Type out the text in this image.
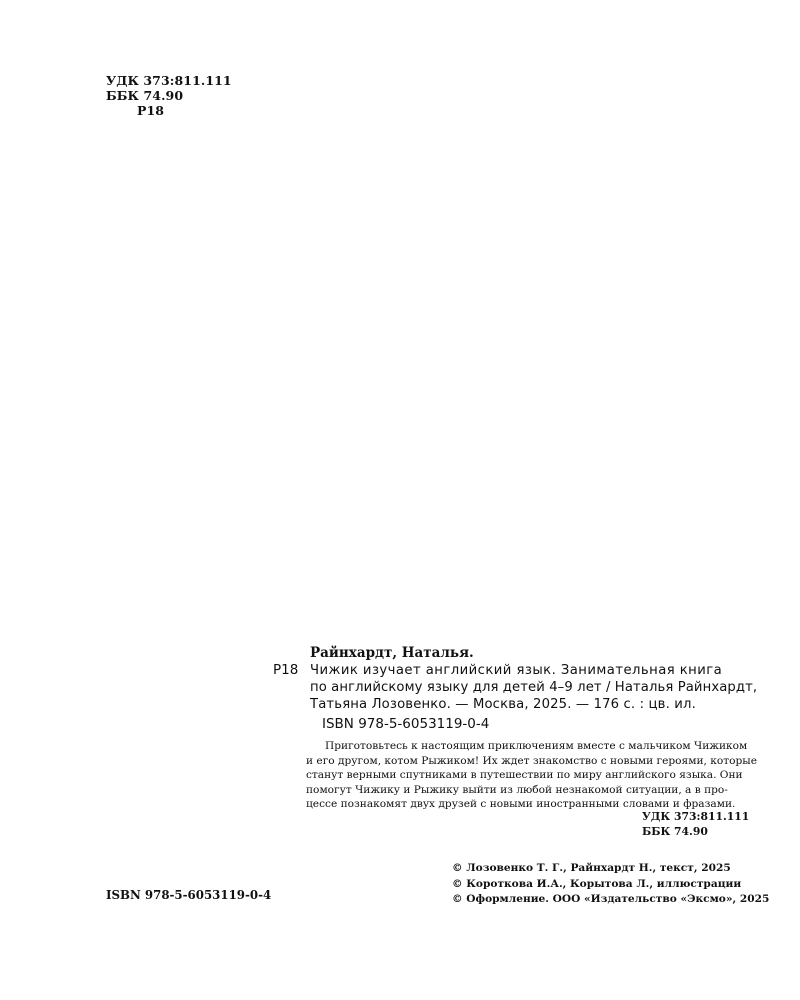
УДК 373:811.111
ББК 74.90
Р18
Райнхардт, Наталья.
Р18 Чижик изучает английский язык. Занимательная книга
по английскому языку для детей 4–9 лет / Наталья Райнхардт,
Татьяна Лозовенко. — Москва, 2025. — 176 с. : цв. ил.
ISBN 978-5-6053119-0-4
Приготовьтесь к настоящим приключениям вместе с мальчиком Чижиком
и его другом, котом Рыжиком! Их ждет знакомство с новыми героями, которые
станут верными спутниками в путешествии по миру английского языка. Они
помогут Чижику и Рыжику выйти из любой незнакомой ситуации, а в про-
цессе познакомят двух друзей с новыми иностранными словами и фразами.
УДК 373:811.111
ББК 74.90
ISBN 978-5-6053119-0-4
© Лозовенко Т. Г., Райнхардт Н., текст, 2025
© Короткова И.А., Корытова Л., иллюстрации
© Оформление. ООО «Издательство «Эксмо», 2025
